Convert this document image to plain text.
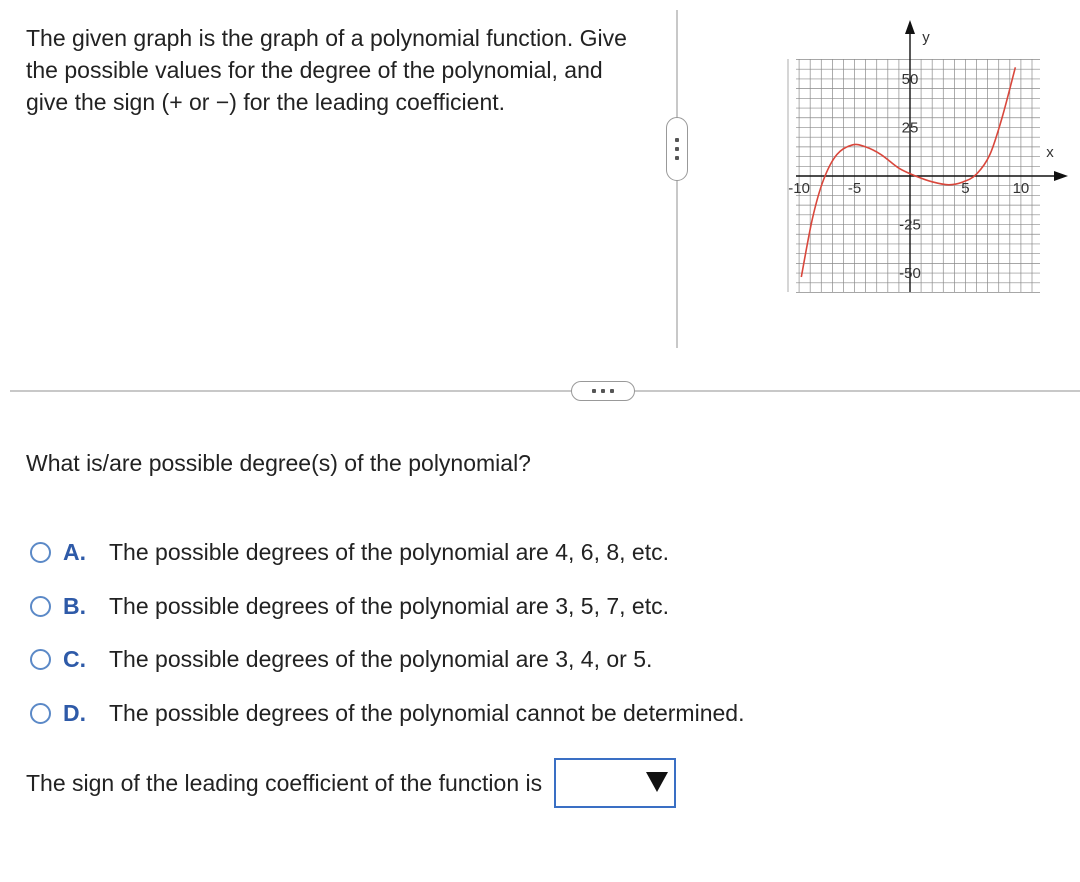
The given graph is the graph of a polynomial function. Give the possible values for the degree of the polynomial, and give the sign (+ or −) for the leading coefficient.

-10	-5	5	10
50
25
-25
-50
x
y

What is/are possible degree(s) of the polynomial?

A.	The possible degrees of the polynomial are 4, 6, 8, etc.
B.	The possible degrees of the polynomial are 3, 5, 7, etc.
C.	The possible degrees of the polynomial are 3, 4, or 5.
D.	The possible degrees of the polynomial cannot be determined.
The sign of the leading coefficient of the function is
